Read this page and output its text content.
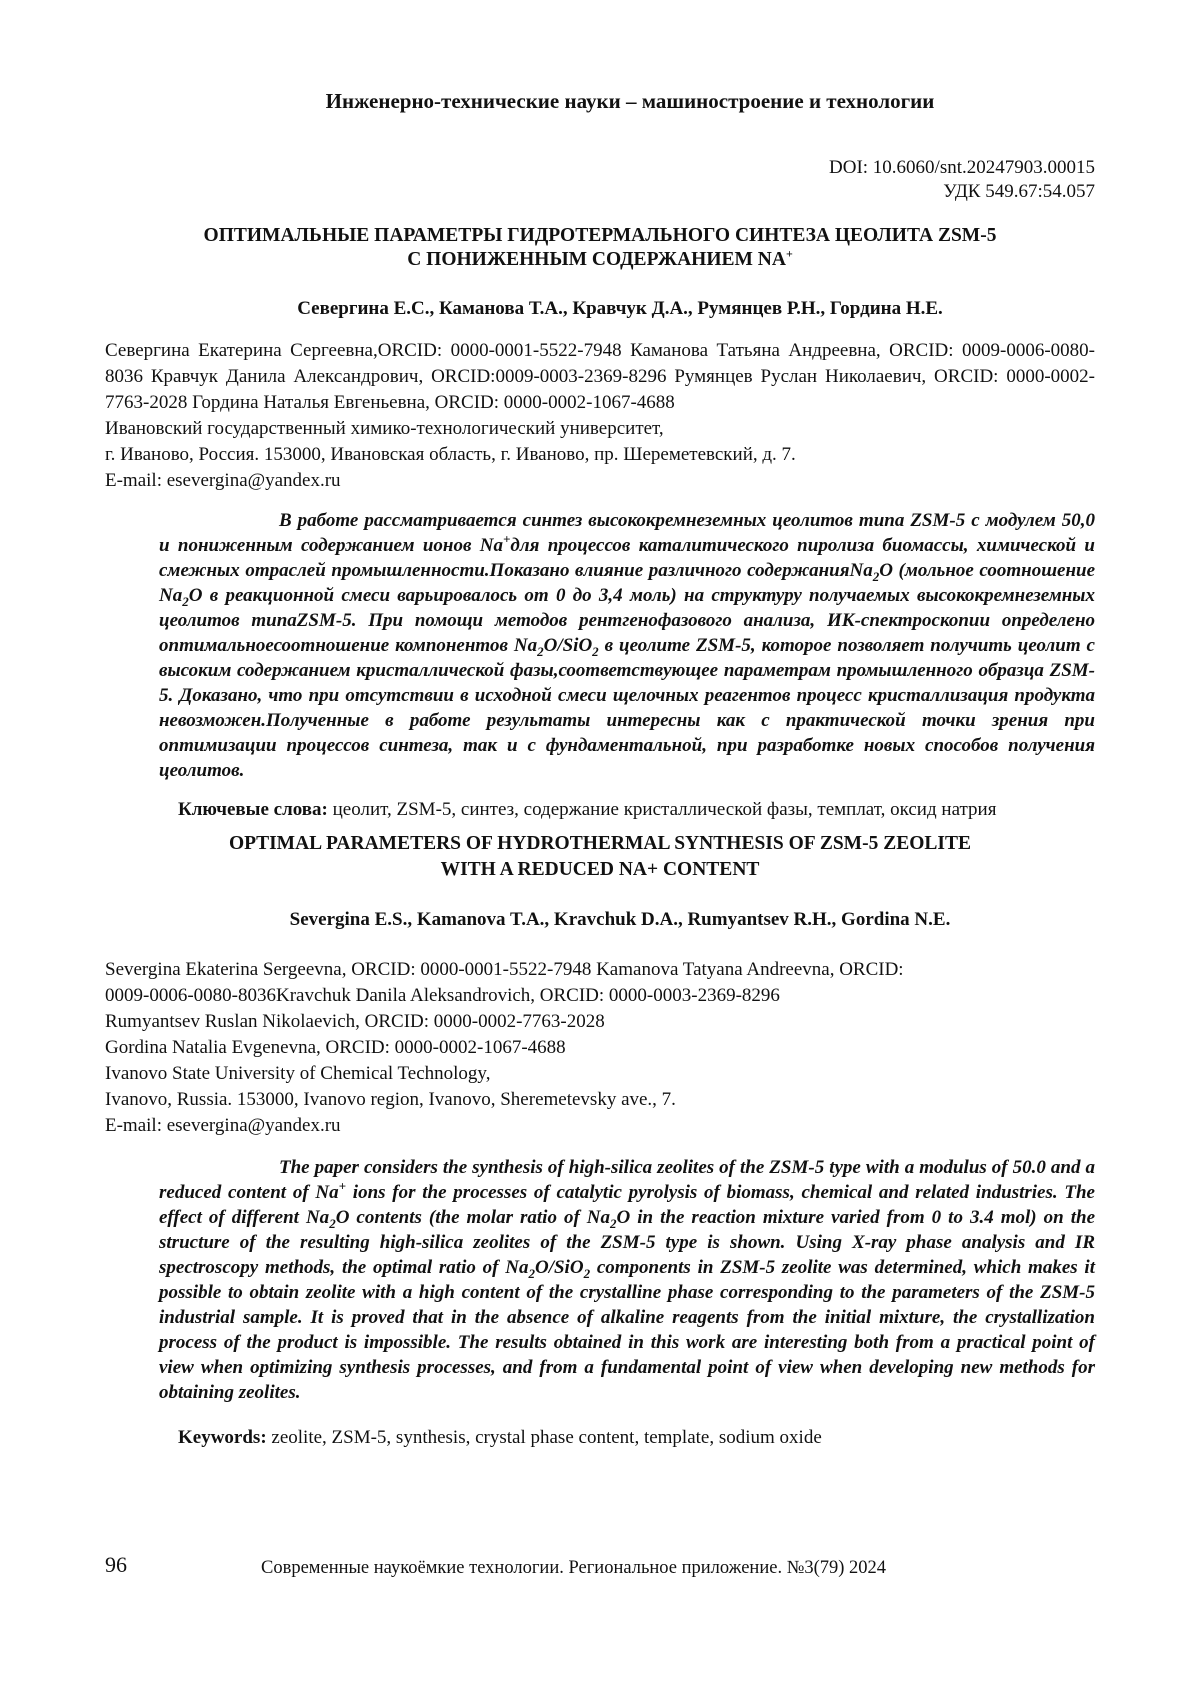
Инженерно-технические науки – машиностроение и технологии
DOI: 10.6060/snt.20247903.00015
УДК 549.67:54.057
ОПТИМАЛЬНЫЕ ПАРАМЕТРЫ ГИДРОТЕРМАЛЬНОГО СИНТЕЗА ЦЕОЛИТА ZSM-5
С ПОНИЖЕННЫМ СОДЕРЖАНИЕМ NA+
Севергина Е.С., Каманова Т.А., Кравчук Д.А., Румянцев Р.Н., Гордина Н.Е.
Севергина Екатерина Сергеевна,ORCID: 0000-0001-5522-7948 Каманова Татьяна Андреевна, ORCID: 0009-0006-0080-8036 Кравчук Данила Александрович, ORCID:0009-0003-2369-8296 Румянцев Руслан Николаевич, ORCID: 0000-0002-7763-2028 Гордина Наталья Евгеньевна, ORCID: 0000-0002-1067-4688
Ивановский государственный химико-технологический университет,
г. Иваново, Россия. 153000, Ивановская область, г. Иваново, пр. Шереметевский, д. 7.
E-mail: esevergina@yandex.ru
В работе рассматривается синтез высококремнеземных цеолитов типа ZSM-5 с модулем 50,0 и пониженным содержанием ионов Na+для процессов каталитического пиролиза биомассы, химической и смежных отраслей промышленности.Показано влияние различного содержанияNa$_2$O (мольное соотношение $Na_2O$ в реакционной смеси варьировалось от 0 до 3,4 моль) на структуру получаемых высококремнеземных цеолитов типаZSM-5. При помощи методов рентгенофазового анализа, ИК-спектроскопии определено оптимальноесоотношение компонентов $Na_2O/SiO_2$ в цеолите ZSM-5, которое позволяет получить цеолит с высоким содержанием кристаллической фазы,соответствующее параметрам промышленного образца ZSM-5. Доказано, что при отсутствии в исходной смеси щелочных реагентов процесс кристаллизация продукта невозможен.Полученные в работе результаты интересны как с практической точки зрения при оптимизации процессов синтеза, так и с фундаментальной, при разработке новых способов получения цеолитов.
Ключевые слова: цеолит, ZSM-5, синтез, содержание кристаллической фазы, темплат, оксид натрия
OPTIMAL PARAMETERS OF HYDROTHERMAL SYNTHESIS OF ZSM-5 ZEOLITE
WITH A REDUCED NA+ CONTENT
Severgina E.S., Kamanova T.A., Kravchuk D.A., Rumyantsev R.H., Gordina N.E.
Severgina Ekaterina Sergeevna, ORCID: 0000-0001-5522-7948 Kamanova Tatyana Andreevna, ORCID:
0009-0006-0080-8036Kravchuk Danila Aleksandrovich, ORCID: 0000-0003-2369-8296
Rumyantsev Ruslan Nikolaevich, ORCID: 0000-0002-7763-2028
Gordina Natalia Evgenevna, ORCID: 0000-0002-1067-4688
Ivanovo State University of Chemical Technology,
Ivanovo, Russia. 153000, Ivanovo region, Ivanovo, Sheremetevsky ave., 7.
E-mail: esevergina@yandex.ru
The paper considers the synthesis of high-silica zeolites of the ZSM-5 type with a modulus of 50.0 and a reduced content of Na+ ions for the processes of catalytic pyrolysis of biomass, chemical and related industries. The effect of different $Na_2O$ contents (the molar ratio of $Na_2O$ in the reaction mixture varied from 0 to 3.4 mol) on the structure of the resulting high-silica zeolites of the ZSM-5 type is shown. Using X-ray phase analysis and IR spectroscopy methods, the optimal ratio of $Na_2O/SiO_2$ components in ZSM-5 zeolite was determined, which makes it possible to obtain zeolite with a high content of the crystalline phase corresponding to the parameters of the ZSM-5 industrial sample. It is proved that in the absence of alkaline reagents from the initial mixture, the crystallization process of the product is impossible. The results obtained in this work are interesting both from a practical point of view when optimizing synthesis processes, and from a fundamental point of view when developing new methods for obtaining zeolites.
Keywords: zeolite, ZSM-5, synthesis, crystal phase content, template, sodium oxide
96	Современные наукоёмкие технологии. Региональное приложение. №3(79) 2024
